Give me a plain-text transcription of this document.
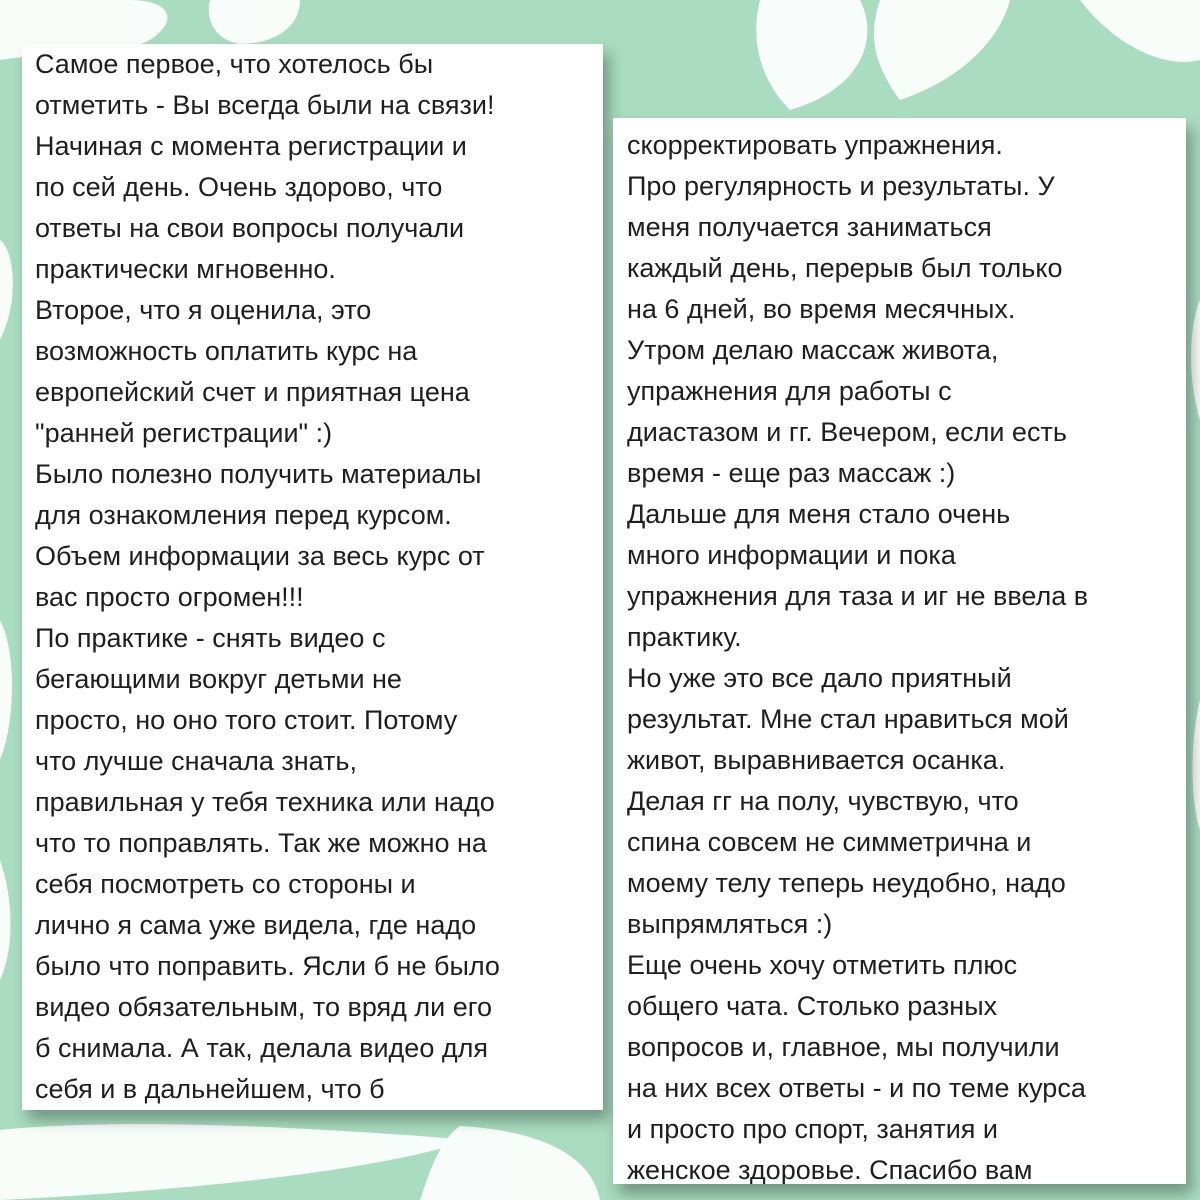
Самое первое, что хотелось бы
отметить - Вы всегда были на связи!
Начиная с момента регистрации и
по сей день. Очень здорово, что
ответы на свои вопросы получали
практически мгновенно.
Второе, что я оценила, это
возможность оплатить курс на
европейский счет и приятная цена
"ранней регистрации" :)
Было полезно получить материалы
для ознакомления перед курсом.
Объем информации за весь курс от
вас просто огромен!!!
По практике - снять видео с
бегающими вокруг детьми не
просто, но оно того стоит. Потому
что лучше сначала знать,
правильная у тебя техника или надо
что то поправлять. Так же можно на
себя посмотреть со стороны и
лично я сама уже видела, где надо
было что поправить. Ясли б не было
видео обязательным, то вряд ли его
б снимала. А так, делала видео для
себя и в дальнейшем, что б
скорректировать упражнения.
Про регулярность и результаты. У
меня получается заниматься
каждый день, перерыв был только
на 6 дней, во время месячных.
Утром делаю массаж живота,
упражнения для работы с
диастазом и гг. Вечером, если есть
время - еще раз массаж :)
Дальше для меня стало очень
много информации и пока
упражнения для таза и иг не ввела в
практику.
Но уже это все дало приятный
результат. Мне стал нравиться мой
живот, выравнивается осанка.
Делая гг на полу, чувствую, что
спина совсем не симметрична и
моему телу теперь неудобно, надо
выпрямляться :)
Еще очень хочу отметить плюс
общего чата. Столько разных
вопросов и, главное, мы получили
на них всех ответы - и по теме курса
и просто про спорт, занятия и
женское здоровье. Спасибо вам
